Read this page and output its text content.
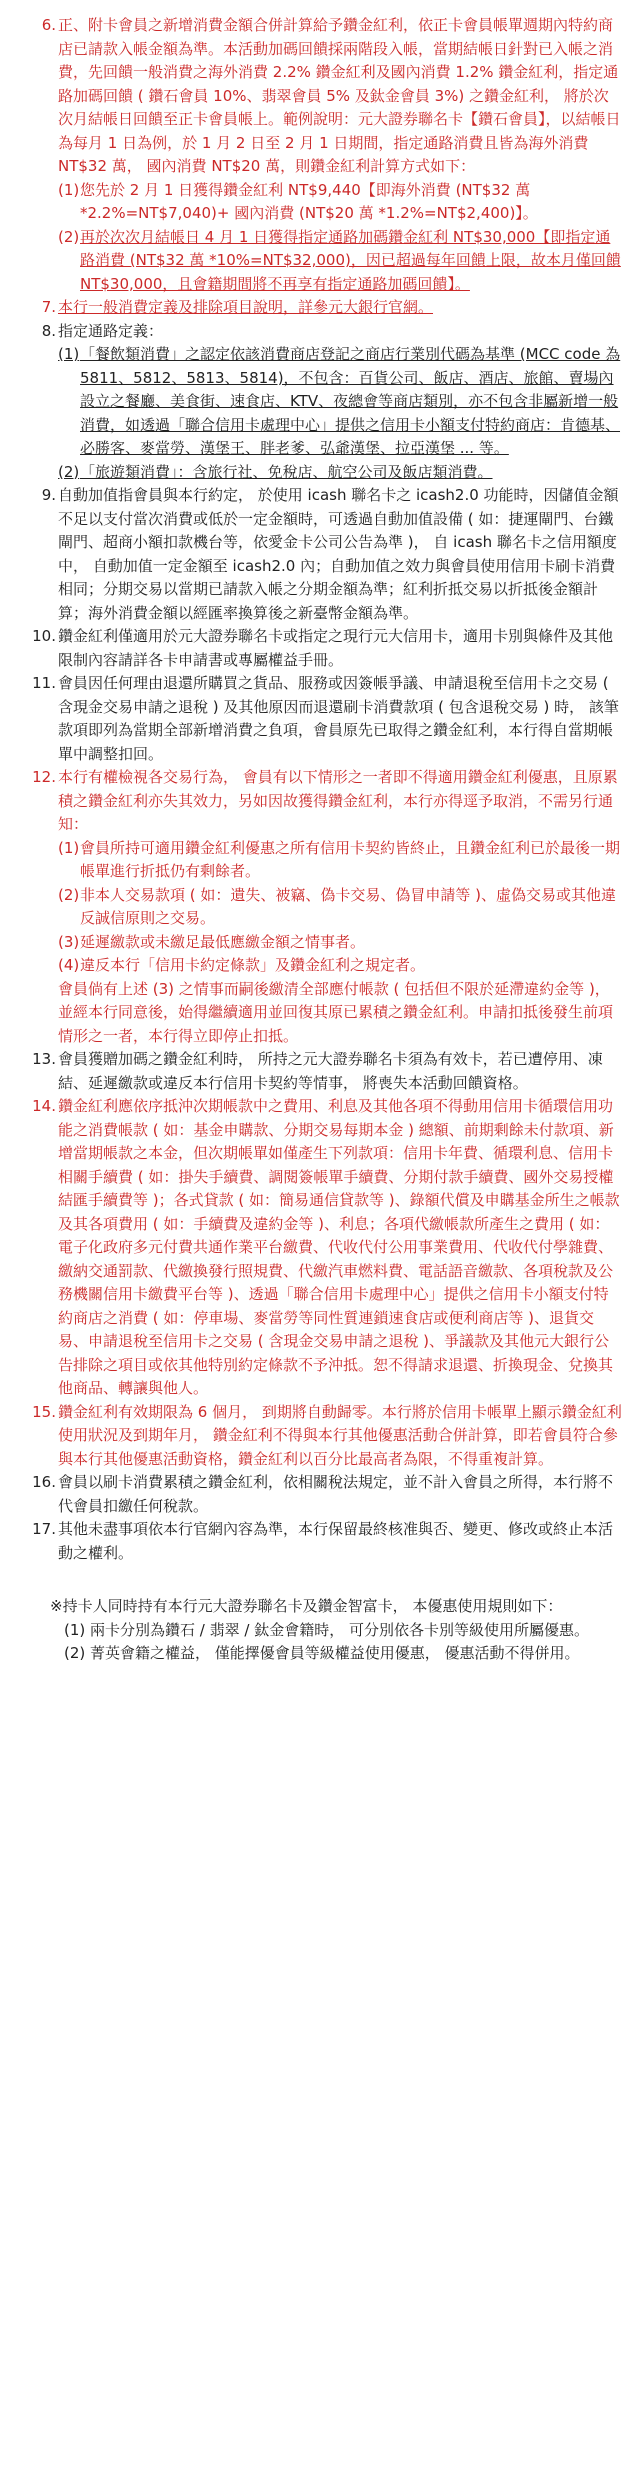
6. 正、附卡會員之新增消費金額合併計算給予鑽金紅利，依正卡會員帳單週期內特約商店已請款入帳金額為準。本活動加碼回饋採兩階段入帳，當期結帳日針對已入帳之消費，先回饋一般消費之海外消費 2.2% 鑽金紅利及國內消費 1.2% 鑽金紅利，指定通路加碼回饋 ( 鑽石會員 10%、翡翠會員 5% 及鈦金會員 3%) 之鑽金紅利， 將於次次月結帳日回饋至正卡會員帳上。範例說明：元大證券聯名卡【鑽石會員】，以結帳日為每月 1 日為例，於 1 月 2 日至 2 月 1 日期間，指定通路消費且皆為海外消費 NT$32 萬， 國內消費 NT$20 萬，則鑽金紅利計算方式如下：
(1) 您先於 2 月 1 日獲得鑽金紅利 NT$9,440【即海外消費 (NT$32 萬 *2.2%=NT$7,040)+ 國內消費 (NT$20 萬 *1.2%=NT$2,400)】。
(2) 再於次次月結帳日 4 月 1 日獲得指定通路加碼鑽金紅利 NT$30,000【即指定通路消費 (NT$32 萬 *10%=NT$32,000)，因已超過每年回饋上限，故本月僅回饋 NT$30,000，且會籍期間將不再享有指定通路加碼回饋】。
7. 本行一般消費定義及排除項目說明，詳參元大銀行官網。
8. 指定通路定義：
(1) 「餐飲類消費」之認定依該消費商店登記之商店行業別代碼為基準 (MCC code 為 5811、5812、5813、5814)，不包含：百貨公司、飯店、酒店、旅館、賣場內設立之餐廳、美食街、速食店、KTV、夜總會等商店類別，亦不包含非屬新增一般消費，如透過「聯合信用卡處理中心」提供之信用卡小額支付特約商店：肯德基、必勝客、麥當勞、漢堡王、胖老爹、弘爺漢堡、拉亞漢堡 ... 等。
(2) 「旅遊類消費」：含旅行社、免稅店、航空公司及飯店類消費。
9. 自動加值指會員與本行約定， 於使用 icash 聯名卡之 icash2.0 功能時，因儲值金額不足以支付當次消費或低於一定金額時，可透過自動加值設備 ( 如：捷運閘門、台鐵閘門、超商小額扣款機台等，依愛金卡公司公告為準 )， 自 icash 聯名卡之信用額度中， 自動加值一定金額至 icash2.0 內；自動加值之效力與會員使用信用卡刷卡消費相同；分期交易以當期已請款入帳之分期金額為準；紅利折抵交易以折抵後金額計算；海外消費金額以經匯率換算後之新臺幣金額為準。
10. 鑽金紅利僅適用於元大證券聯名卡或指定之現行元大信用卡，適用卡別與條件及其他限制內容請詳各卡申請書或專屬權益手冊。
11. 會員因任何理由退還所購買之貨品、服務或因簽帳爭議、申請退稅至信用卡之交易 ( 含現金交易申請之退稅 ) 及其他原因而退還刷卡消費款項 ( 包含退稅交易 ) 時， 該筆款項即列為當期全部新增消費之負項，會員原先已取得之鑽金紅利，本行得自當期帳單中調整扣回。
12. 本行有權檢視各交易行為， 會員有以下情形之一者即不得適用鑽金紅利優惠，且原累積之鑽金紅利亦失其效力，另如因故獲得鑽金紅利，本行亦得逕予取消，不需另行通知：
(1) 會員所持可適用鑽金紅利優惠之所有信用卡契約皆終止，且鑽金紅利已於最後一期帳單進行折抵仍有剩餘者。
(2) 非本人交易款項 ( 如：遺失、被竊、偽卡交易、偽冒申請等 )、虛偽交易或其他違反誠信原則之交易。
(3) 延遲繳款或未繳足最低應繳金額之情事者。
(4) 違反本行「信用卡約定條款」及鑽金紅利之規定者。

會員倘有上述 (3) 之情事而嗣後繳清全部應付帳款 ( 包括但不限於延滯違約金等 )，並經本行同意後，始得繼續適用並回復其原已累積之鑽金紅利。申請扣抵後發生前項情形之一者，本行得立即停止扣抵。

13. 會員獲贈加碼之鑽金紅利時， 所持之元大證券聯名卡須為有效卡，若已遭停用、凍結、延遲繳款或違反本行信用卡契約等情事， 將喪失本活動回饋資格。
14. 鑽金紅利應依序抵沖次期帳款中之費用、利息及其他各項不得動用信用卡循環信用功能之消費帳款 ( 如：基金申購款、分期交易每期本金 ) 總額、前期剩餘未付款項、新增當期帳款之本金，但次期帳單如僅產生下列款項：信用卡年費、循環利息、信用卡相關手續費 ( 如：掛失手續費、調閱簽帳單手續費、分期付款手續費、國外交易授權結匯手續費等 )；各式貸款 ( 如：簡易通信貸款等 )、錄額代償及申購基金所生之帳款及其各項費用 ( 如：手續費及違約金等 )、利息；各項代繳帳款所產生之費用 ( 如：電子化政府多元付費共通作業平台繳費、代收代付公用事業費用、代收代付學雜費、繳納交通罰款、代繳換發行照規費、代繳汽車燃料費、電話語音繳款、各項稅款及公務機關信用卡繳費平台等 )、透過「聯合信用卡處理中心」提供之信用卡小額支付特約商店之消費 ( 如：停車場、麥當勞等同性質連鎖速食店或便利商店等 )、退貨交易、申請退稅至信用卡之交易 ( 含現金交易申請之退稅 )、爭議款及其他元大銀行公告排除之項目或依其他特別約定條款不予沖抵。恕不得請求退還、折換現金、兌換其他商品、轉讓與他人。
15. 鑽金紅利有效期限為 6 個月， 到期將自動歸零。本行將於信用卡帳單上顯示鑽金紅利使用狀況及到期年月， 鑽金紅利不得與本行其他優惠活動合併計算，即若會員符合參與本行其他優惠活動資格，鑽金紅利以百分比最高者為限，不得重複計算。
16. 會員以刷卡消費累積之鑽金紅利，依相關稅法規定，並不計入會員之所得，本行將不代會員扣繳任何稅款。
17. 其他未盡事項依本行官網內容為準，本行保留最終核准與否、變更、修改或終止本活動之權利。

※持卡人同時持有本行元大證券聯名卡及鑽金智富卡， 本優惠使用規則如下：

(1) 兩卡分別為鑽石 / 翡翠 / 鈦金會籍時， 可分別依各卡別等級使用所屬優惠。

(2) 菁英會籍之權益， 僅能擇優會員等級權益使用優惠， 優惠活動不得併用。
